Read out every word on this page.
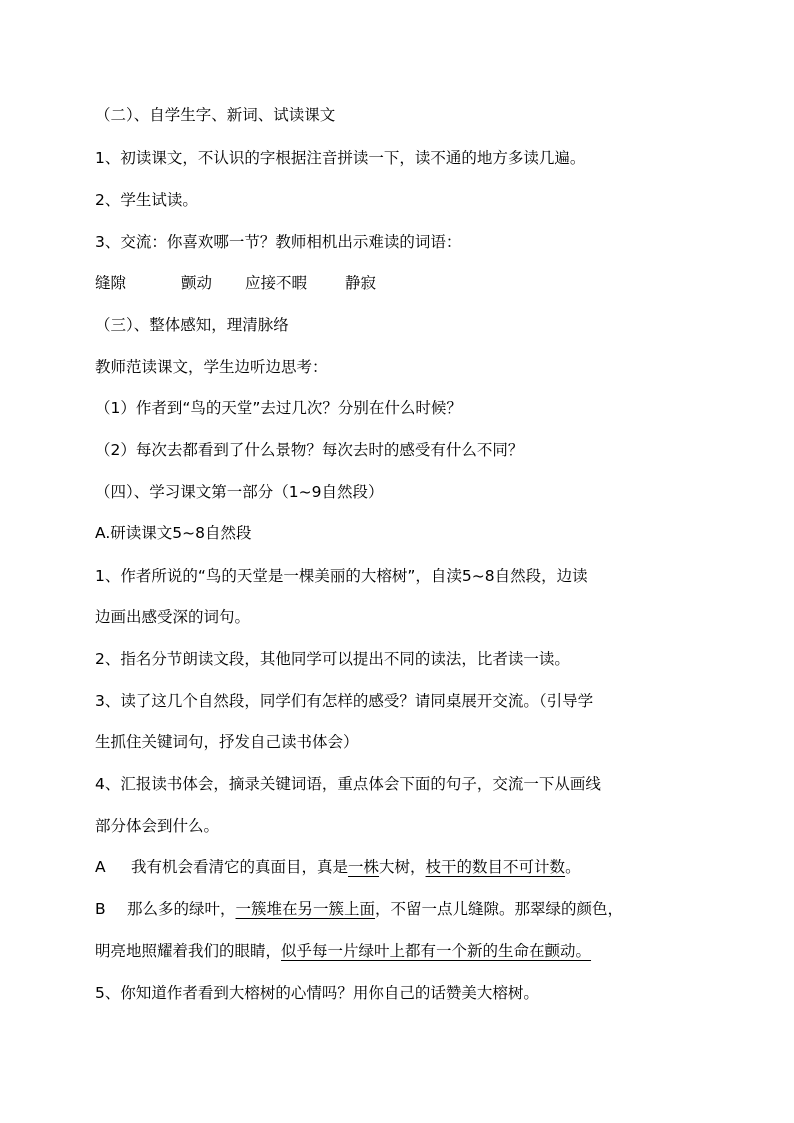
（二）、自学生字、新词、试读课文
1、初读课文，不认识的字根据注音拼读一下，读不通的地方多读几遍。
2、学生试读。
3、交流：你喜欢哪一节？教师相机出示难读的词语：
缝隙	颤动 应接不暇 静寂
（三）、整体感知，理清脉络
教师范读课文，学生边听边思考：
（1）作者到“鸟的天堂”去过几次？分别在什么时候？
（2）每次去都看到了什么景物？每次去时的感受有什么不同？
（四）、学习课文第一部分（1~9自然段）
A.研读课文5~8自然段
1、作者所说的“鸟的天堂是一棵美丽的大榕树”，自渎5~8自然段，边读
边画出感受深的词句。
2、指名分节朗读文段，其他同学可以提出不同的读法，比者读一读。
3、读了这几个自然段，同学们有怎样的感受？请同桌展开交流。（引导学
生抓住关键词句，抒发自己读书体会）
4、汇报读书体会，摘录关键词语，重点体会下面的句子，交流一下从画线
部分体会到什么。
A 我有机会看清它的真面目，真是一株大树，枝干的数目不可计数。
B 那么多的绿叶，一簇堆在另一簇上面，不留一点儿缝隙。那翠绿的颜色，
明亮地照耀着我们的眼睛，似乎每一片绿叶上都有一个新的生命在颤动。
5、你知道作者看到大榕树的心情吗？用你自己的话赞美大榕树。
